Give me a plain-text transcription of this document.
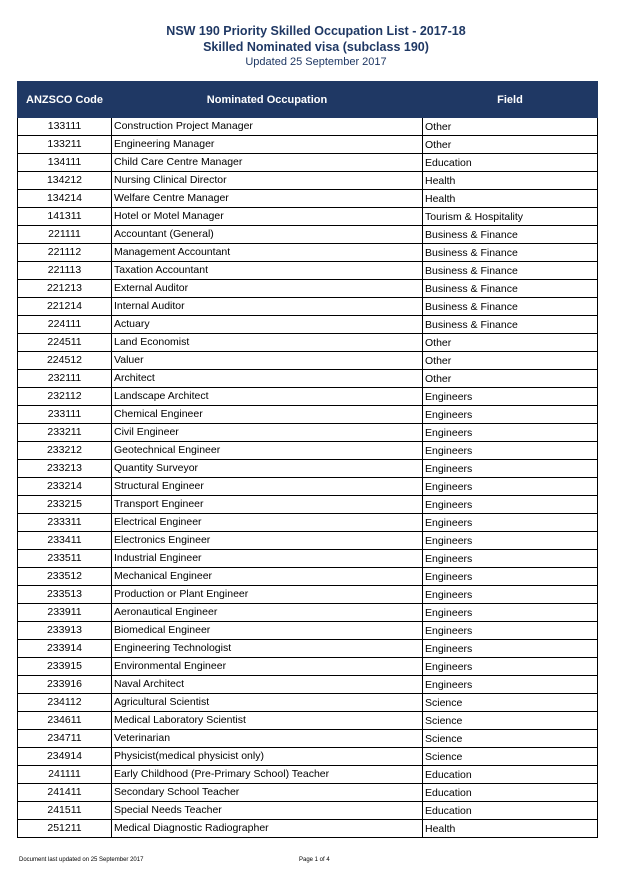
NSW 190 Priority Skilled Occupation List - 2017-18
Skilled Nominated visa (subclass 190)
Updated 25 September 2017
ANZSCO Code	Nominated Occupation	Field
133111	Construction Project Manager	Other
133211	Engineering Manager	Other
134111	Child Care Centre Manager	Education
134212	Nursing Clinical Director	Health
134214	Welfare Centre Manager	Health
141311	Hotel or Motel Manager	Tourism & Hospitality
221111	Accountant (General)	Business & Finance
221112	Management Accountant	Business & Finance
221113	Taxation Accountant	Business & Finance
221213	External Auditor	Business & Finance
221214	Internal Auditor	Business & Finance
224111	Actuary	Business & Finance
224511	Land Economist	Other
224512	Valuer	Other
232111	Architect	Other
232112	Landscape Architect	Engineers
233111	Chemical Engineer	Engineers
233211	Civil Engineer	Engineers
233212	Geotechnical Engineer	Engineers
233213	Quantity Surveyor	Engineers
233214	Structural Engineer	Engineers
233215	Transport Engineer	Engineers
233311	Electrical Engineer	Engineers
233411	Electronics Engineer	Engineers
233511	Industrial Engineer	Engineers
233512	Mechanical Engineer	Engineers
233513	Production or Plant Engineer	Engineers
233911	Aeronautical Engineer	Engineers
233913	Biomedical Engineer	Engineers
233914	Engineering Technologist	Engineers
233915	Environmental Engineer	Engineers
233916	Naval Architect	Engineers
234112	Agricultural Scientist	Science
234611	Medical Laboratory Scientist	Science
234711	Veterinarian	Science
234914	Physicist(medical physicist only)	Science
241111	Early Childhood (Pre-Primary School) Teacher	Education
241411	Secondary School Teacher	Education
241511	Special Needs Teacher	Education
251211	Medical Diagnostic Radiographer	Health
Document last updated on 25 September 2017	Page 1 of 4
